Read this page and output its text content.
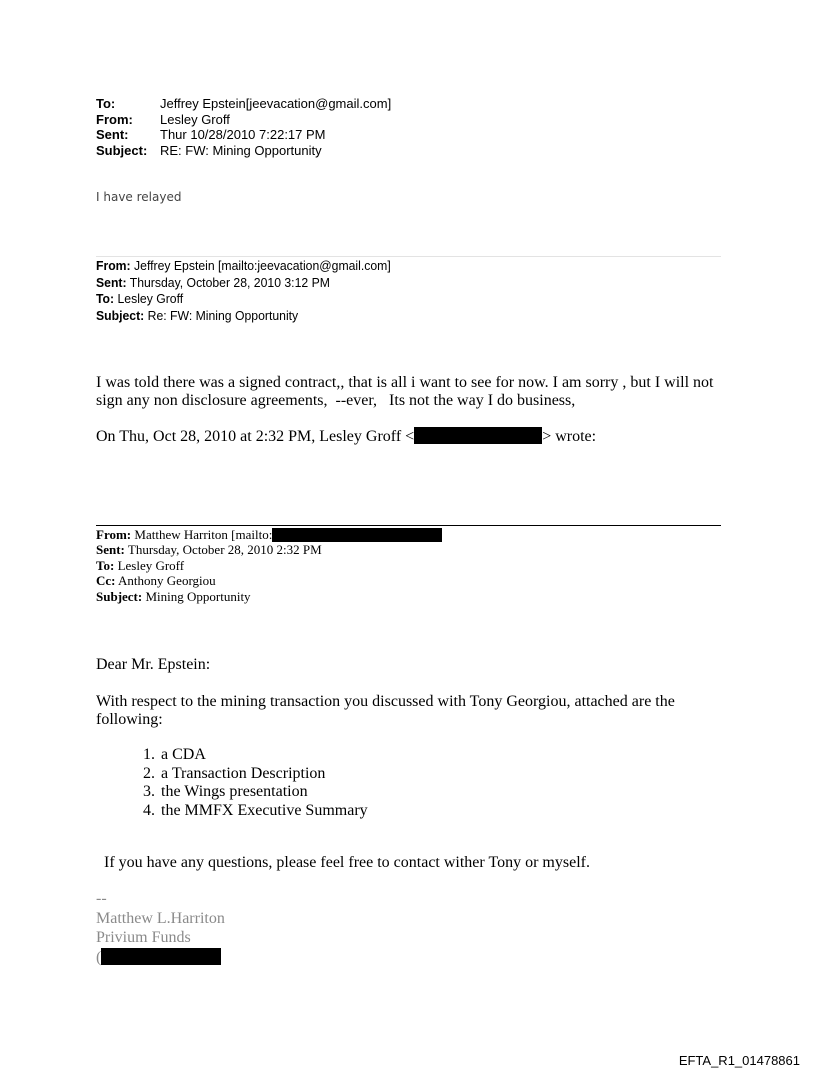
To:	Jeffrey Epstein[jeevacation@gmail.com]
From: Lesley Groff
Sent: Thur 10/28/2010 7:22:17 PM
Subject: RE: FW: Mining Opportunity
I have relayed
From: Jeffrey Epstein [mailto:jeevacation@gmail.com]
Sent: Thursday, October 28, 2010 3:12 PM
To: Lesley Groff
Subject: Re: FW: Mining Opportunity
I was told there was a signed contract,, that is all i want to see for now. I am sorry , but I will not
sign any non disclosure agreements,  --ever,   Its not the way I do business,
On Thu, Oct 28, 2010 at 2:32 PM, Lesley Groff <	> wrote:
From: Matthew Harriton [mailto:
Sent: Thursday, October 28, 2010 2:32 PM
To: Lesley Groff
Cc: Anthony Georgiou
Subject: Mining Opportunity
Dear Mr. Epstein:
With respect to the mining transaction you discussed with Tony Georgiou, attached are the
following:
1. a CDA
2. a Transaction Description
3. the Wings presentation
4. the MMFX Executive Summary
If you have any questions, please feel free to contact wither Tony or myself.
--
Matthew L.Harriton
Privium Funds
(
EFTA_R1_01478861
